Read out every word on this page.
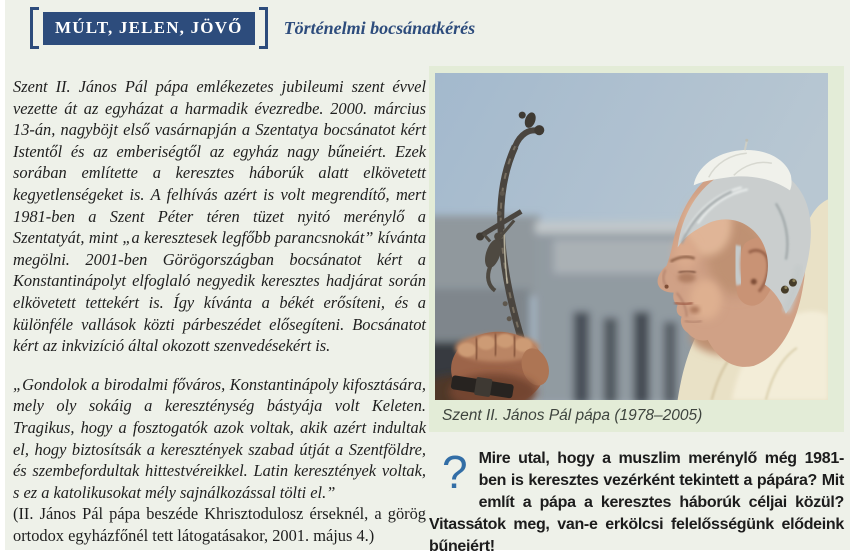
MÚLT, JELEN, JÖVŐ	Történelmi bocsánatkérés

Szent II. János Pál pápa emlékezetes jubileumi szent évvel vezette át az egyházat a harmadik évezredbe. 2000. március 13-án, nagyböjt első vasárnapján a Szentatya bocsánatot kért Istentől és az emberiségtől az egyház nagy bűneiért. Ezek sorában említette a keresztes háborúk alatt elkövetett kegyetlenségeket is. A felhívás azért is volt megrendítő, mert 1981-ben a Szent Péter téren tüzet nyitó merénylő a Szentatyát, mint „a keresztesek legfőbb parancsnokát” kívánta megölni. 2001-ben Görögországban bocsánatot kért a Konstantinápolyt elfoglaló negyedik keresztes hadjárat során elkövetett tettekért is. Így kívánta a békét erősíteni, és a különféle vallások közti párbeszédet elősegíteni. Bocsánatot kért az inkvizíció által okozott szenvedésekért is.

„Gondolok a birodalmi főváros, Konstantinápoly kifosztására, mely oly sokáig a kereszténység bástyája volt Keleten. Tragikus, hogy a fosztogatók azok voltak, akik azért indultak el, hogy biztosítsák a keresztények szabad útját a Szentföldre, és szembefordultak hittestvéreikkel. Latin keresztények voltak, s ez a katolikusokat mély sajnálkozással tölti el.”

(II. János Pál pápa beszéde Khrisztodulosz érseknél, a görög ortodox egyházfőnél tett látogatásakor, 2001. május 4.)

Szent II. János Pál pápa (1978–2005)
? Mire utal, hogy a muszlim merénylő még 1981-ben is keresztes vezérként tekintett a pápára? Mit említ a pápa a keresztes háborúk céljai közül? Vitassátok meg, van-e erkölcsi felelősségünk elődeink bűneiért!
